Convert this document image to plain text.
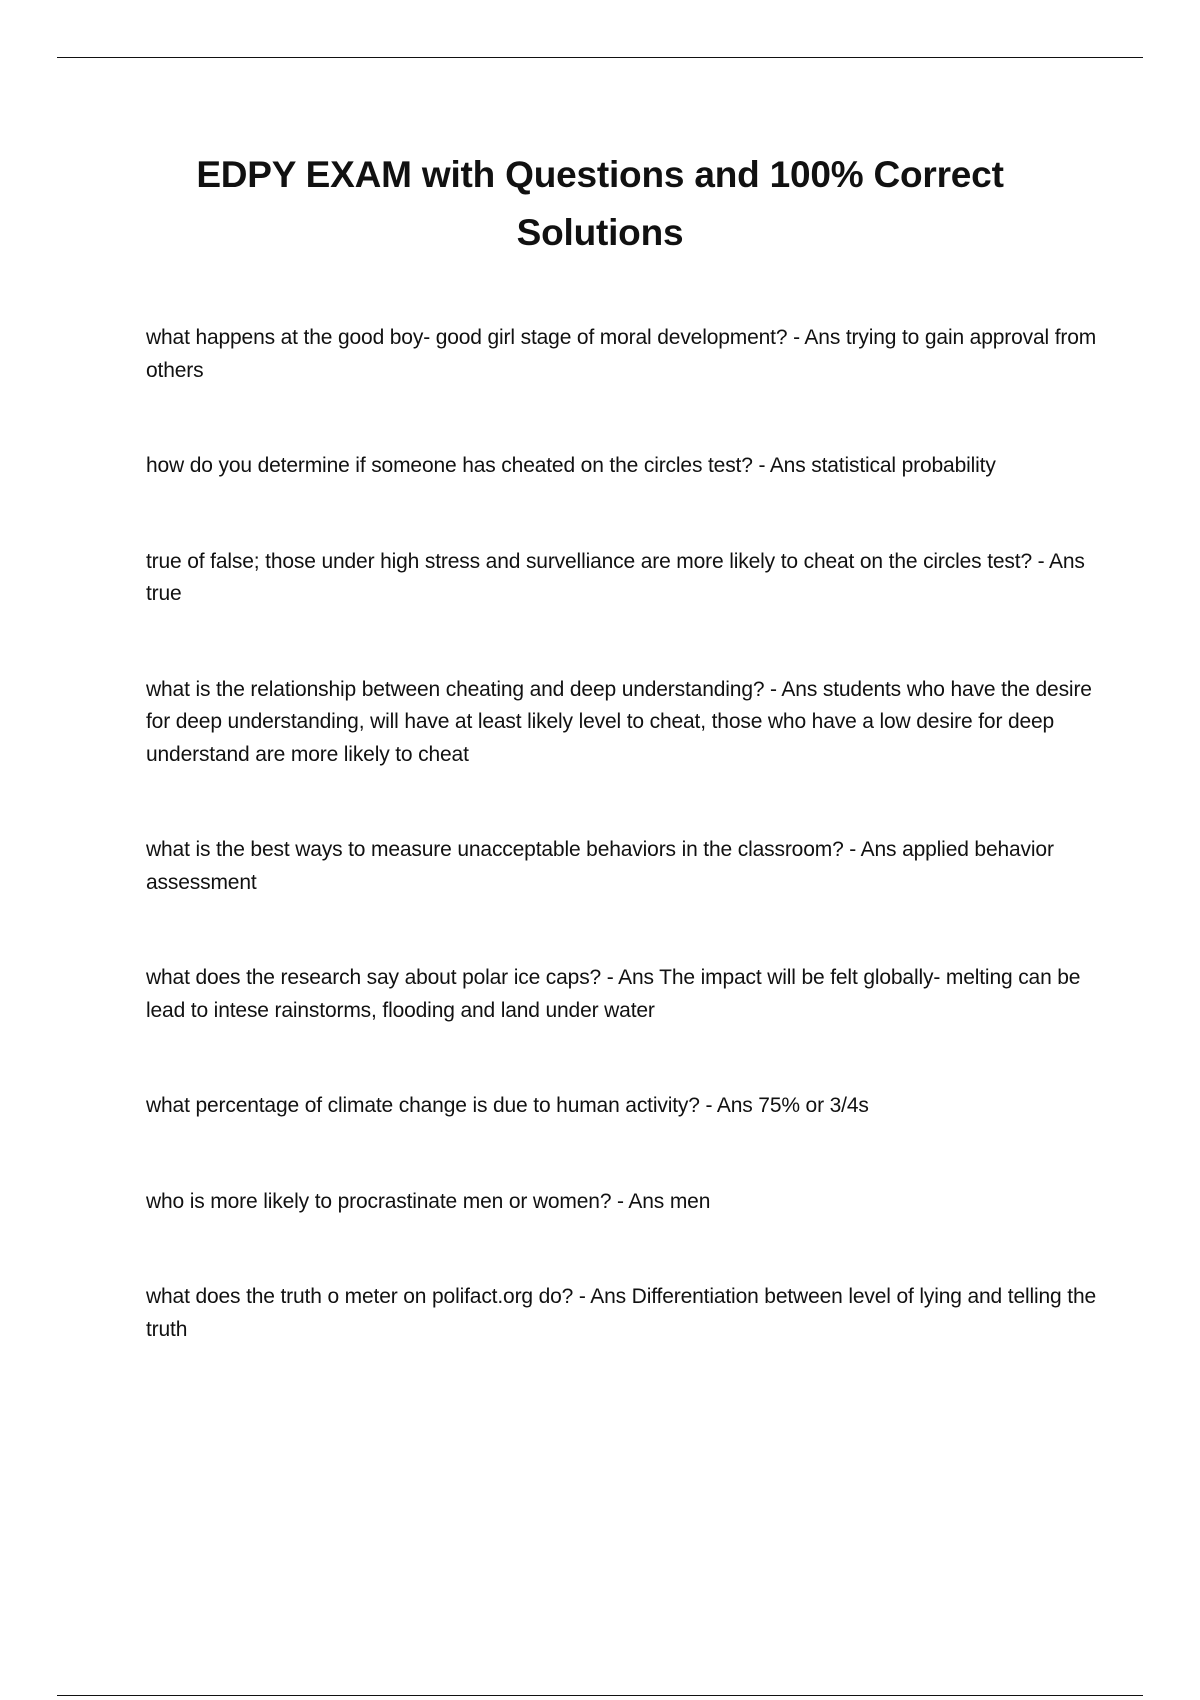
EDPY EXAM with Questions and 100% Correct Solutions

what happens at the good boy- good girl stage of moral development? - Ans trying to gain approval from others

how do you determine if someone has cheated on the circles test? - Ans statistical probability

true of false; those under high stress and survelliance are more likely to cheat on the circles test? - Ans true

what is the relationship between cheating and deep understanding? - Ans students who have the desire for deep understanding, will have at least likely level to cheat, those who have a low desire for deep understand are more likely to cheat

what is the best ways to measure unacceptable behaviors in the classroom? - Ans applied behavior assessment

what does the research say about polar ice caps? - Ans The impact will be felt globally- melting can be lead to intese rainstorms, flooding and land under water

what percentage of climate change is due to human activity? - Ans 75% or 3/4s

who is more likely to procrastinate men or women? - Ans men

what does the truth o meter on polifact.org do? - Ans Differentiation between level of lying and telling the truth
